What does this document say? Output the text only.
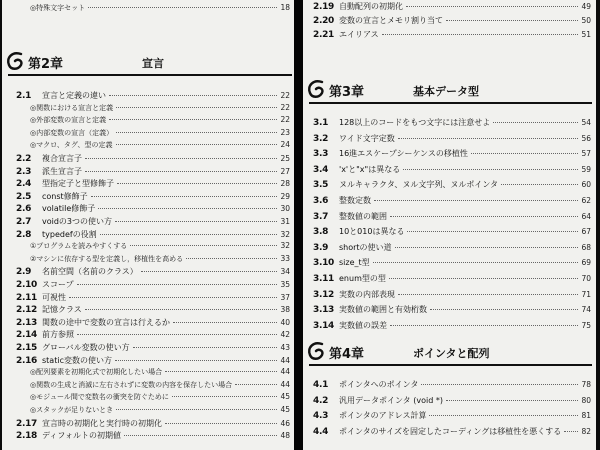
◎特殊文字セット	18
第2章	宣言
2.1	宣言と定義の違い	22
◎関数における宣言と定義	22
◎外部変数の宣言と定義	22
◎内部変数の宣言（定義）	23
◎マクロ、タグ、型の定義	24
2.2	複合宣言子	25
2.3	派生宣言子	27
2.4	型指定子と型修飾子	28
2.5	const修飾子	29
2.6	volatile修飾子	30
2.7	voidの3つの使い方	31
2.8	typedefの役割	32
①プログラムを読みやすくする	32
②マシンに依存する型を定義し，移植性を高める	33
2.9	名前空間（名前のクラス）	34
2.10 スコープ	35
2.11 可視性	37
2.12 記憶クラス	38
2.13 関数の途中で変数の宣言は行えるか	40
2.14 前方参照	42
2.15 グローバル変数の使い方	43
2.16 static変数の使い方	44
◎配列要素を初期化式で初期化したい場合	44
◎関数の生成と消滅に左右されずに変数の内容を保存したい場合	44
◎モジュール間で変数名の衝突を防ぐために	45
◎スタックが足りないとき	45
2.17 宣言時の初期化と実行時の初期化	46
2.18 ディフォルトの初期値	48
2.19 自動配列の初期化	49
2.20 変数の宣言とメモリ割り当て	50
2.21 エイリアス	51
第3章	基本データ型
3.1	128以上のコードをもつ文字には注意せよ	54
3.2	ワイド文字定数	56
3.3	16進エスケープシーケンスの移植性	57
3.4	'x'と"x"は異なる	59
3.5	ヌルキャラクタ、ヌル文字列、ヌルポインタ	60
3.6	整数定数	62
3.7	整数値の範囲	64
3.8	10と010は異なる	67
3.9	shortの使い道	68
3.10 size_t型	69
3.11 enum型の型	70
3.12 実数の内部表現	71
3.13 実数値の範囲と有効桁数	74
3.14 実数値の誤差	75
第4章	ポインタと配列
4.1	ポインタへのポインタ	78
4.2	汎用データポインタ (void *)	80
4.3	ポインタのアドレス計算	81
4.4	ポインタのサイズを固定したコーディングは移植性を悪くする	82
